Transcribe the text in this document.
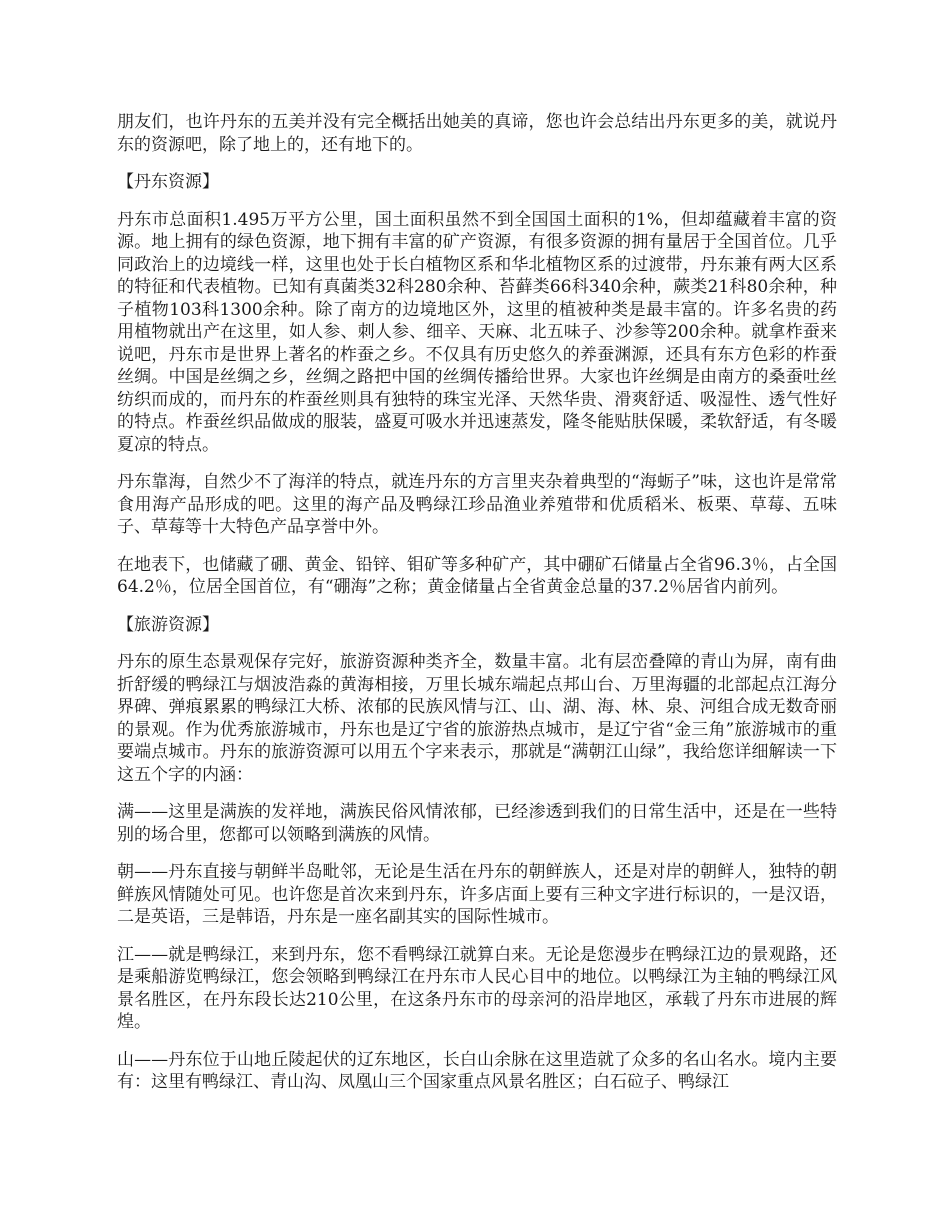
朋友们，也许丹东的五美并没有完全概括出她美的真谛，您也许会总结出丹东更多的美，就说丹东的资源吧，除了地上的，还有地下的。

【丹东资源】

丹东市总面积1.495万平方公里，国土面积虽然不到全国国土面积的1%，但却蕴藏着丰富的资源。地上拥有的绿色资源，地下拥有丰富的矿产资源，有很多资源的拥有量居于全国首位。几乎同政治上的边境线一样，这里也处于长白植物区系和华北植物区系的过渡带，丹东兼有两大区系的特征和代表植物。已知有真菌类32科280余种、苔藓类66科340余种，蕨类21科80余种，种子植物103科1300余种。除了南方的边境地区外，这里的植被种类是最丰富的。许多名贵的药用植物就出产在这里，如人参、刺人参、细辛、天麻、北五味子、沙参等200余种。就拿柞蚕来说吧，丹东市是世界上著名的柞蚕之乡。不仅具有历史悠久的养蚕渊源，还具有东方色彩的柞蚕丝绸。中国是丝绸之乡，丝绸之路把中国的丝绸传播给世界。大家也许丝绸是由南方的桑蚕吐丝纺织而成的，而丹东的柞蚕丝则具有独特的珠宝光泽、天然华贵、滑爽舒适、吸湿性、透气性好的特点。柞蚕丝织品做成的服装，盛夏可吸水并迅速蒸发，隆冬能贴肤保暖，柔软舒适，有冬暖夏凉的特点。

丹东靠海，自然少不了海洋的特点，就连丹东的方言里夹杂着典型的“海蛎子”味，这也许是常常食用海产品形成的吧。这里的海产品及鸭绿江珍品渔业养殖带和优质稻米、板栗、草莓、五味子、草莓等十大特色产品享誉中外。

在地表下，也储藏了硼、黄金、铅锌、钼矿等多种矿产，其中硼矿石储量占全省96.3％，占全国64.2％，位居全国首位，有“硼海”之称；黄金储量占全省黄金总量的37.2％居省内前列。

【旅游资源】

丹东的原生态景观保存完好，旅游资源种类齐全，数量丰富。北有层峦叠障的青山为屏，南有曲折舒缓的鸭绿江与烟波浩淼的黄海相接，万里长城东端起点邦山台、万里海疆的北部起点江海分界碑、弹痕累累的鸭绿江大桥、浓郁的民族风情与江、山、湖、海、林、泉、河组合成无数奇丽的景观。作为优秀旅游城市，丹东也是辽宁省的旅游热点城市，是辽宁省“金三角”旅游城市的重要端点城市。丹东的旅游资源可以用五个字来表示，那就是“满朝江山绿”，我给您详细解读一下这五个字的内涵：

满——这里是满族的发祥地，满族民俗风情浓郁，已经渗透到我们的日常生活中，还是在一些特别的场合里，您都可以领略到满族的风情。

朝——丹东直接与朝鲜半岛毗邻，无论是生活在丹东的朝鲜族人，还是对岸的朝鲜人，独特的朝鲜族风情随处可见。也许您是首次来到丹东，许多店面上要有三种文字进行标识的，一是汉语，二是英语，三是韩语，丹东是一座名副其实的国际性城市。

江——就是鸭绿江，来到丹东，您不看鸭绿江就算白来。无论是您漫步在鸭绿江边的景观路，还是乘船游览鸭绿江，您会领略到鸭绿江在丹东市人民心目中的地位。以鸭绿江为主轴的鸭绿江风景名胜区，在丹东段长达210公里，在这条丹东市的母亲河的沿岸地区，承载了丹东市进展的辉煌。

山——丹东位于山地丘陵起伏的辽东地区，长白山余脉在这里造就了众多的名山名水。境内主要有：这里有鸭绿江、青山沟、凤凰山三个国家重点风景名胜区；白石砬子、鸭绿江
